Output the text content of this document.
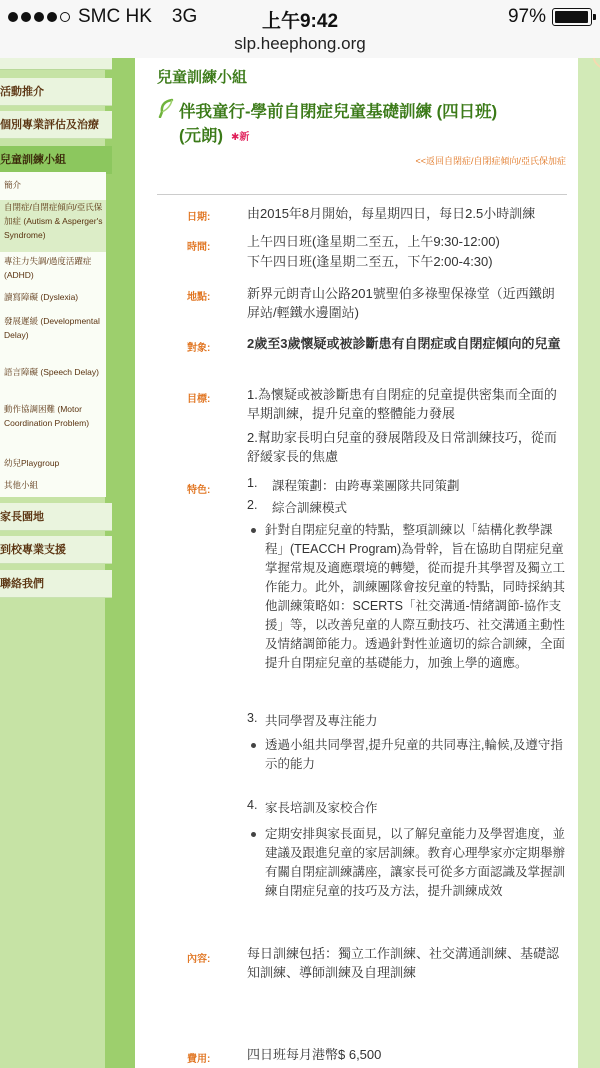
SMC HK 3G	上午9:42	97%
slp.heephong.org
活動推介
個別專業評估及治療
兒童訓練小組
簡介
自閉症/自閉症傾向/亞氏保加症 (Autism & Asperger's Syndrome)
專注力失調/過度活躍症 (ADHD)
讀寫障礙 (Dyslexia)
發展遲緩 (Developmental Delay)
語言障礙 (Speech Delay)
動作協調困難 (Motor Coordination Problem)
幼兒Playgroup
其他小組
家長園地
到校專業支援
聯絡我們
兒童訓練小組
伴我童行-學前自閉症兒童基礎訓練 (四日班)
(元朗) ✱新
<<返回自閉症/自閉症傾向/亞氏保加症
日期:	由2015年8月開始，每星期四日，每日2.5小時訓練
時間:	上午四日班(逢星期二至五，上午9:30-12:00)
下午四日班(逢星期二至五，下午2:00-4:30)
地點:	新界元朗青山公路201號聖伯多祿聖保祿堂（近西鐵朗屏站/輕鐵水邊圍站)
對象:	2歲至3歲懷疑或被診斷患有自閉症或自閉症傾向的兒童
目標:	1.為懷疑或被診斷患有自閉症的兒童提供密集而全面的早期訓練，提升兒童的整體能力發展
2.幫助家長明白兒童的發展階段及日常訓練技巧，從而舒緩家長的焦慮
特色:
1. 課程策劃：由跨專業團隊共同策劃
2. 綜合訓練模式
針對自閉症兒童的特點，整項訓練以「結構化教學課程」(TEACCH Program)為骨幹，旨在協助自閉症兒童掌握常規及適應環境的轉變，從而提升其學習及獨立工作能力。此外，訓練團隊會按兒童的特點，同時採納其他訓練策略如：SCERTS「社交溝通-情緒調節-協作支援」等，以改善兒童的人際互動技巧、社交溝通主動性及情緒調節能力。透過針對性並適切的綜合訓練，全面提升自閉症兒童的基礎能力，加強上學的適應。
3. 共同學習及專注能力
透過小組共同學習,提升兒童的共同專注,輪候,及遵守指示的能力
4. 家長培訓及家校合作
定期安排與家長面見，以了解兒童能力及學習進度，並建議及跟進兒童的家居訓練。教育心理學家亦定期舉辦有關自閉症訓練講座，讓家長可從多方面認識及掌握訓練自閉症兒童的技巧及方法，提升訓練成效
內容:	每日訓練包括：獨立工作訓練、社交溝通訓練、基礎認知訓練、導師訓練及自理訓練
費用:	四日班每月港幣$ 6,500
